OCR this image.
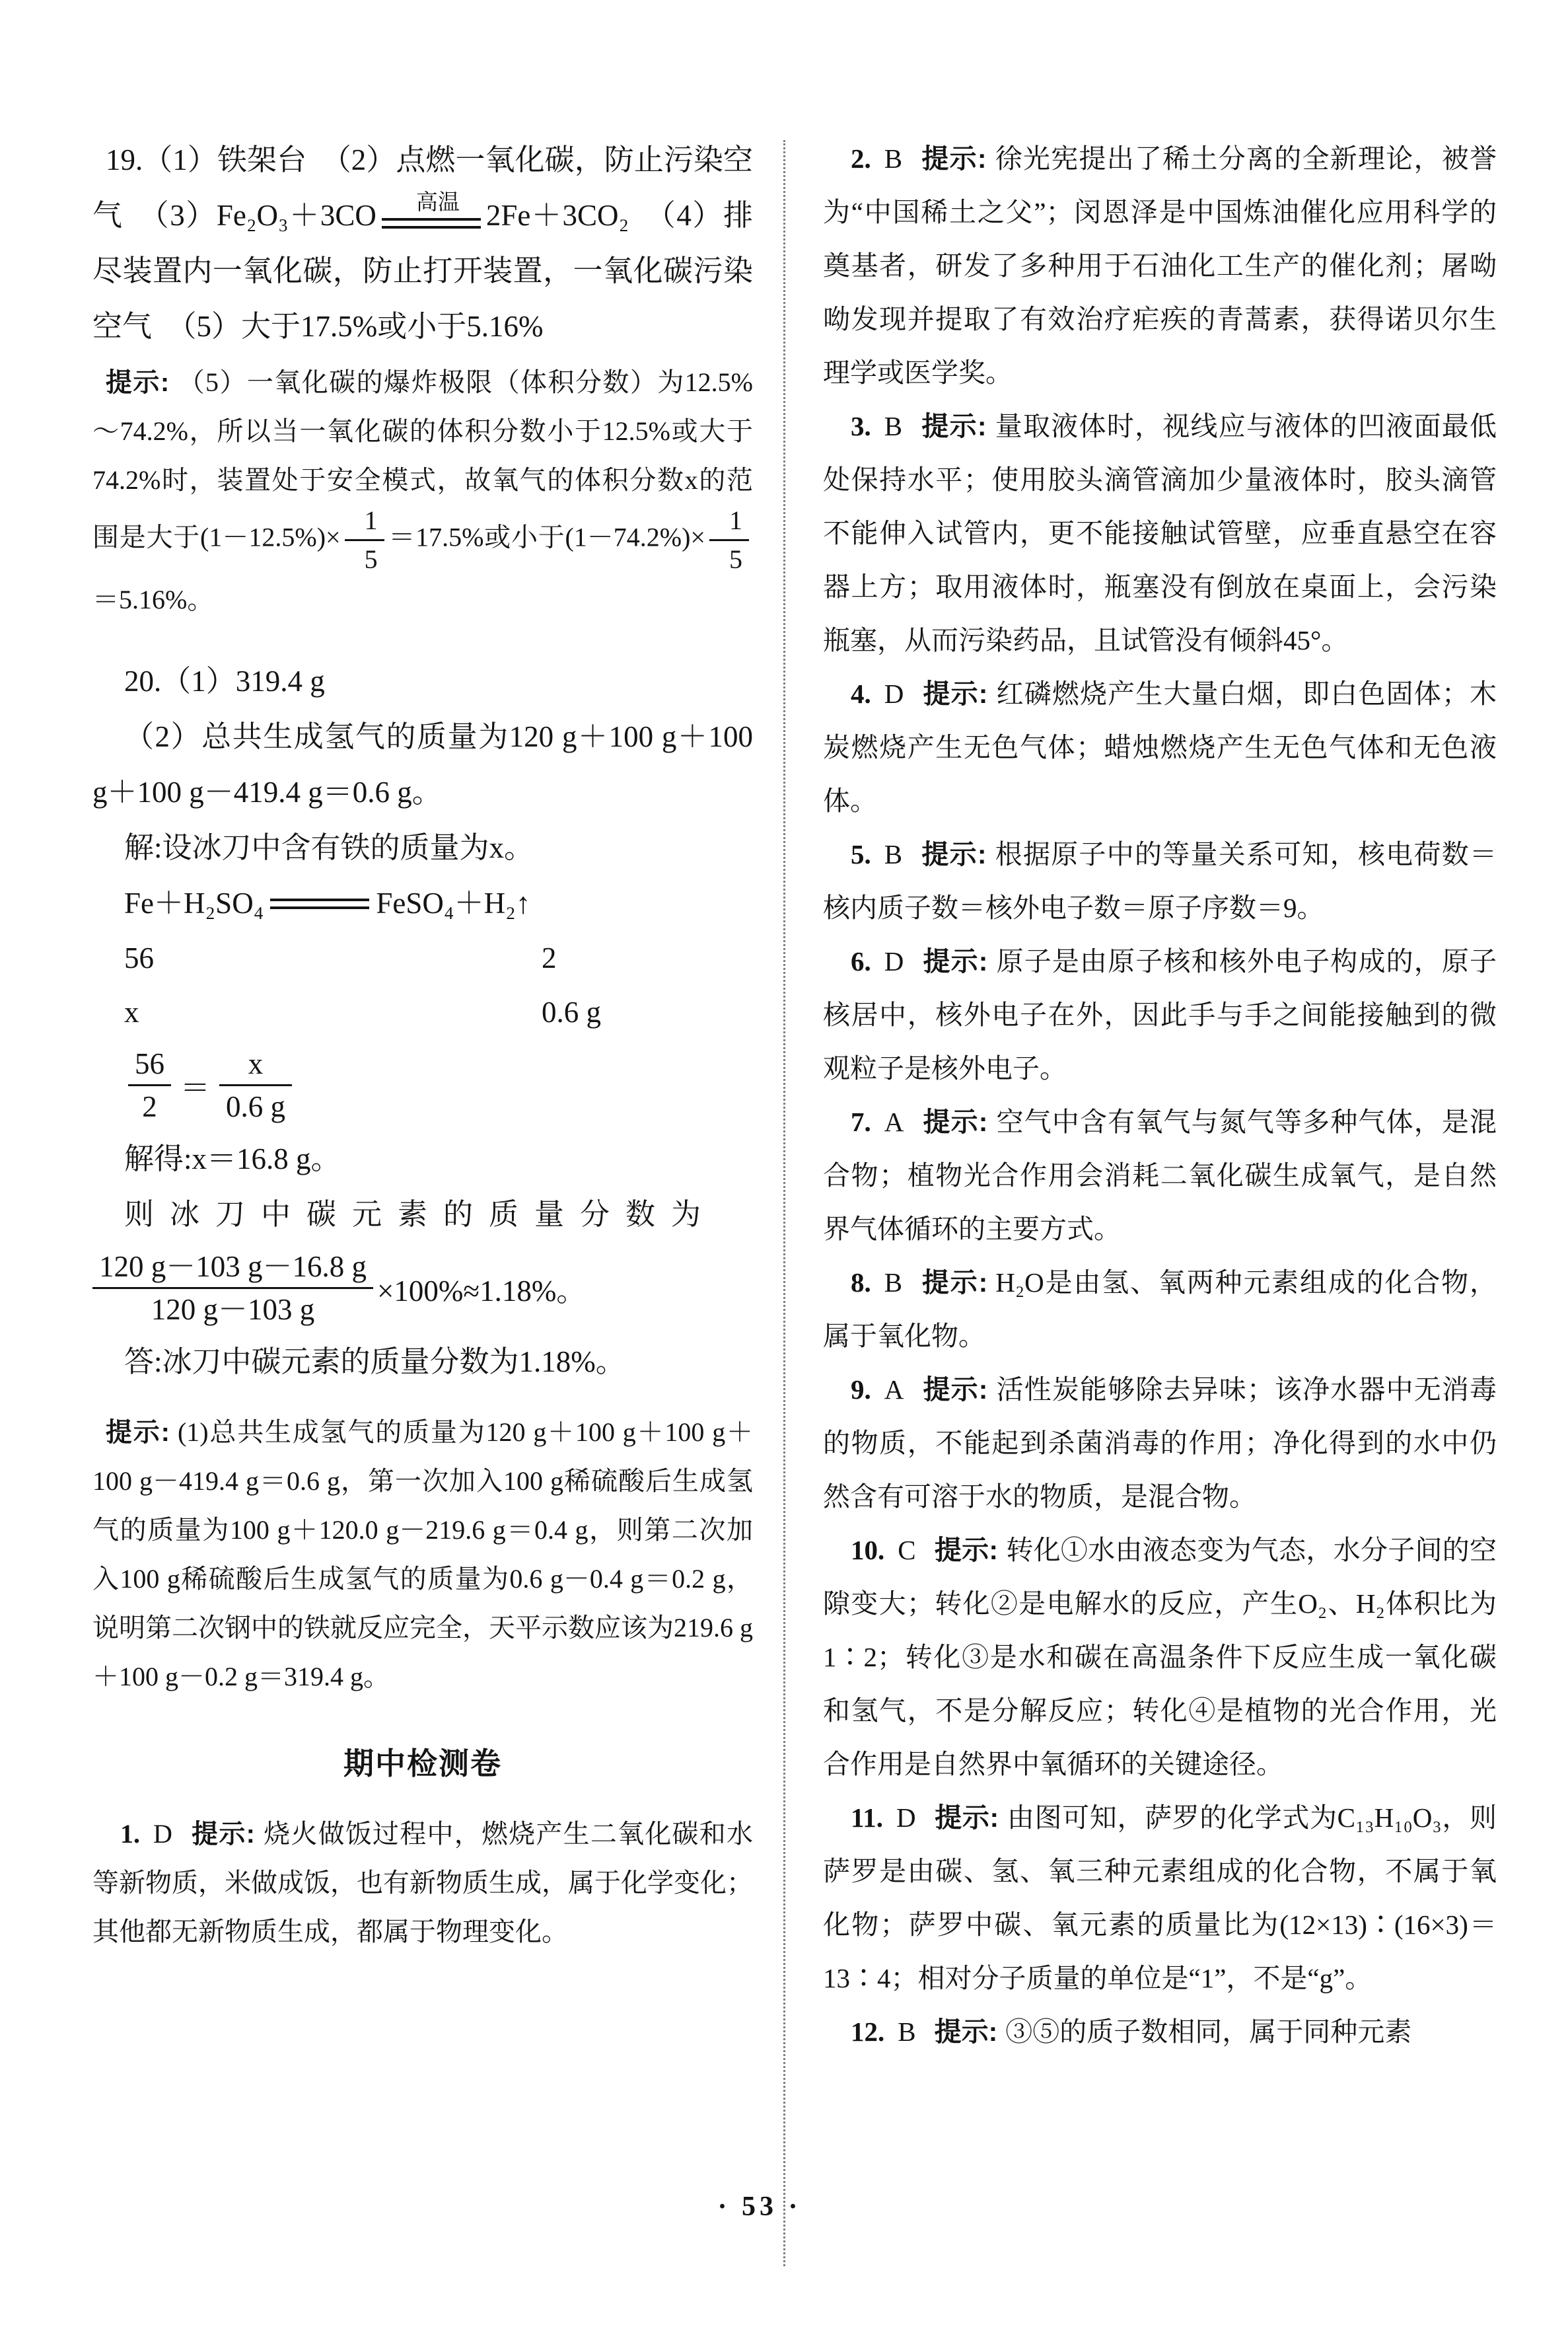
19.（1）铁架台　（2）点燃一氧化碳，防止污染空气　（3）Fe₂O₃＋3CO	高温 2Fe＋3CO₂　（4）排尽装置内一氧化碳，防止打开装置，一氧化碳污染空气　（5）大于17.5%或小于5.16%

提示: （5）一氧化碳的爆炸极限（体积分数）为12.5%～74.2%，所以当一氧化碳的体积分数小于12.5%或大于74.2%时，装置处于安全模式，故氧气的体积分数x的范围是大于$(1-12.5\%)\times \frac{1}{5} =17.5\%$或小于$(1-74.2\%)\times \frac{1}{5}$
＝5.16%。

20.（1）319.4 g

（2）总共生成氢气的质量为120 g＋100 g＋100 g＋100 g－419.4 g＝0.6 g。

解:设冰刀中含有铁的质量为x。

Fe＋H₂SO₄	FeSO₄＋H₂↑

56	2
x	0.6 g
$\frac{56}{2} = \frac{x}{0.6 g}$

解得:x＝16.8 g。

则冰刀中碳元素的质量分数为

$\frac{120 g-103 g-16.8 g}{120 g-103 g} \times 100\%\approx 1.18\%$。

答:冰刀中碳元素的质量分数为1.18%。

提示: (1)总共生成氢气的质量为120 g＋100 g＋100 g＋100 g－419.4 g＝0.6 g，第一次加入100 g稀硫酸后生成氢气的质量为100 g＋120.0 g－219.6 g＝0.4 g，则第二次加入100 g稀硫酸后生成氢气的质量为0.6 g－0.4 g＝0.2 g，说明第二次钢中的铁就反应完全，天平示数应该为219.6 g＋100 g－0.2 g＝319.4 g。

期中检测卷

1. D 提示: 烧火做饭过程中，燃烧产生二氧化碳和水等新物质，米做成饭，也有新物质生成，属于化学变化；其他都无新物质生成，都属于物理变化。

2. B 提示: 徐光宪提出了稀土分离的全新理论，被誉为“中国稀土之父”；闵恩泽是中国炼油催化应用科学的奠基者，研发了多种用于石油化工生产的催化剂；屠呦呦发现并提取了有效治疗疟疾的青蒿素，获得诺贝尔生理学或医学奖。

3. B 提示: 量取液体时，视线应与液体的凹液面最低处保持水平；使用胶头滴管滴加少量液体时，胶头滴管不能伸入试管内，更不能接触试管壁，应垂直悬空在容器上方；取用液体时，瓶塞没有倒放在桌面上，会污染瓶塞，从而污染药品，且试管没有倾斜45°。

4. D 提示: 红磷燃烧产生大量白烟，即白色固体；木炭燃烧产生无色气体；蜡烛燃烧产生无色气体和无色液体。

5. B 提示: 根据原子中的等量关系可知，核电荷数＝核内质子数＝核外电子数＝原子序数＝9。

6. D 提示: 原子是由原子核和核外电子构成的，原子核居中，核外电子在外，因此手与手之间能接触到的微观粒子是核外电子。

7. A 提示: 空气中含有氧气与氮气等多种气体，是混合物；植物光合作用会消耗二氧化碳生成氧气，是自然界气体循环的主要方式。

8. B 提示: H₂O是由氢、氧两种元素组成的化合物，属于氧化物。

9. A 提示: 活性炭能够除去异味；该净水器中无消毒的物质，不能起到杀菌消毒的作用；净化得到的水中仍然含有可溶于水的物质，是混合物。

10. C 提示: 转化①水由液态变为气态，水分子间的空隙变大；转化②是电解水的反应，产生O₂、H₂体积比为1∶2；转化③是水和碳在高温条件下反应生成一氧化碳和氢气，不是分解反应；转化④是植物的光合作用，光合作用是自然界中氧循环的关键途径。

11. D 提示: 由图可知，萨罗的化学式为C₁₃H₁₀O₃，则萨罗是由碳、氢、氧三种元素组成的化合物，不属于氧化物；萨罗中碳、氧元素的质量比为(12×13)∶(16×3)＝13∶4；相对分子质量的单位是“1”，不是“g”。

12. B 提示: ③⑤的质子数相同，属于同种元素

· 53 ·
